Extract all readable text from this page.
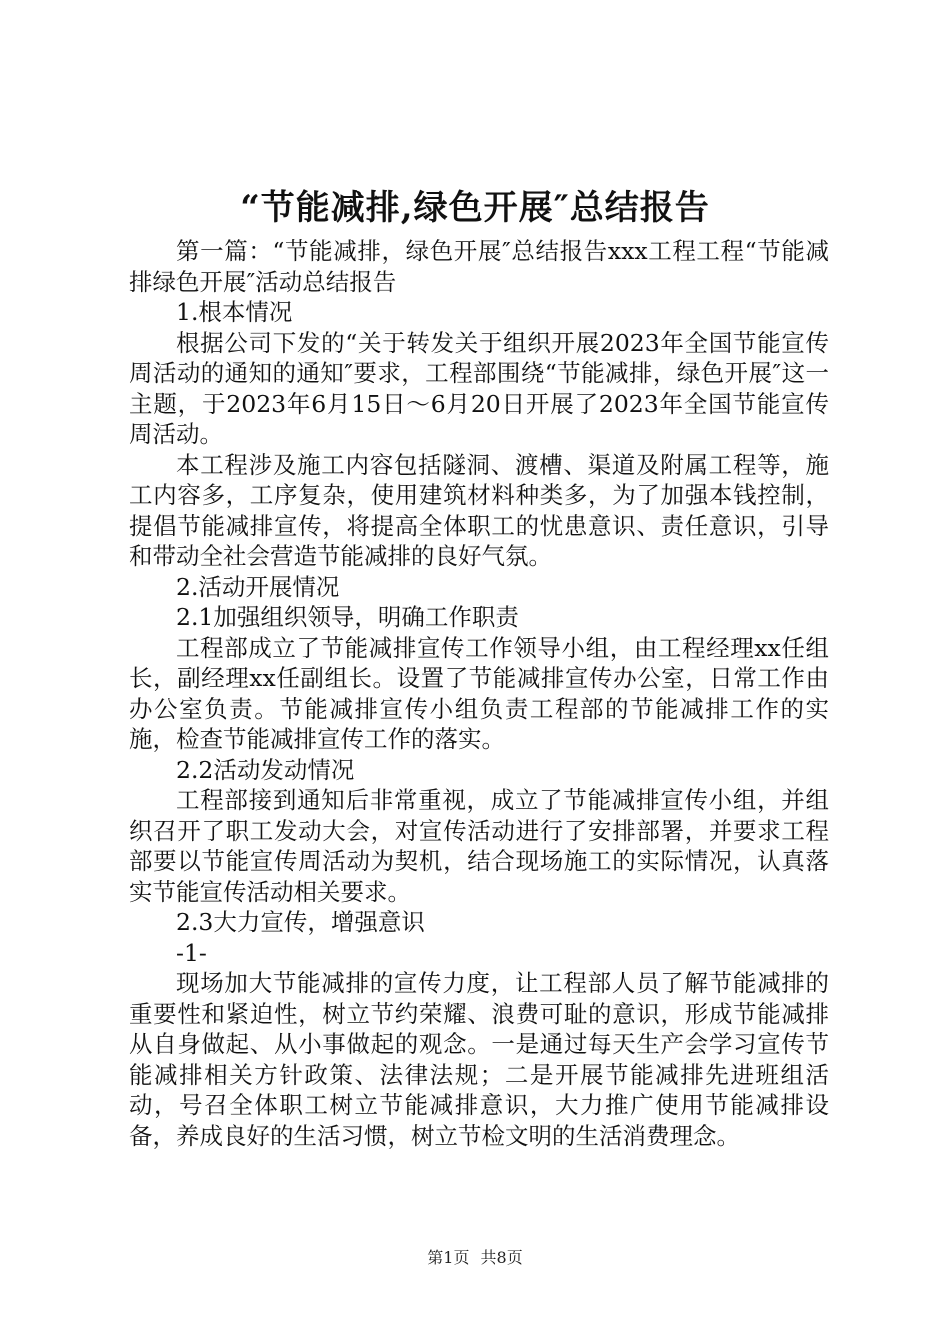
“节能减排,绿色开展″总结报告

第一篇：“节能减排，绿色开展″总结报告xxx工程工程“节能减排绿色开展″活动总结报告

1.根本情况

根据公司下发的“关于转发关于组织开展2023年全国节能宣传周活动的通知的通知″要求，工程部围绕“节能减排，绿色开展″这一主题，于2023年6月15日～6月20日开展了2023年全国节能宣传周活动。

本工程涉及施工内容包括隧洞、渡槽、渠道及附属工程等，施工内容多，工序复杂，使用建筑材料种类多，为了加强本钱控制，提倡节能减排宣传，将提高全体职工的忧患意识、责任意识，引导和带动全社会营造节能减排的良好气氛。

2.活动开展情况

2.1加强组织领导，明确工作职责

工程部成立了节能减排宣传工作领导小组，由工程经理xx任组长，副经理xx任副组长。设置了节能减排宣传办公室，日常工作由办公室负责。节能减排宣传小组负责工程部的节能减排工作的实施，检查节能减排宣传工作的落实。

2.2活动发动情况

工程部接到通知后非常重视，成立了节能减排宣传小组，并组织召开了职工发动大会，对宣传活动进行了安排部署，并要求工程部要以节能宣传周活动为契机，结合现场施工的实际情况，认真落实节能宣传活动相关要求。

2.3大力宣传，增强意识

-1-

现场加大节能减排的宣传力度，让工程部人员了解节能减排的重要性和紧迫性，树立节约荣耀、浪费可耻的意识，形成节能减排从自身做起、从小事做起的观念。一是通过每天生产会学习宣传节能减排相关方针政策、法律法规；二是开展节能减排先进班组活动，号召全体职工树立节能减排意识，大力推广使用节能减排设备，养成良好的生活习惯，树立节检文明的生活消费理念。

第1页 共8页
